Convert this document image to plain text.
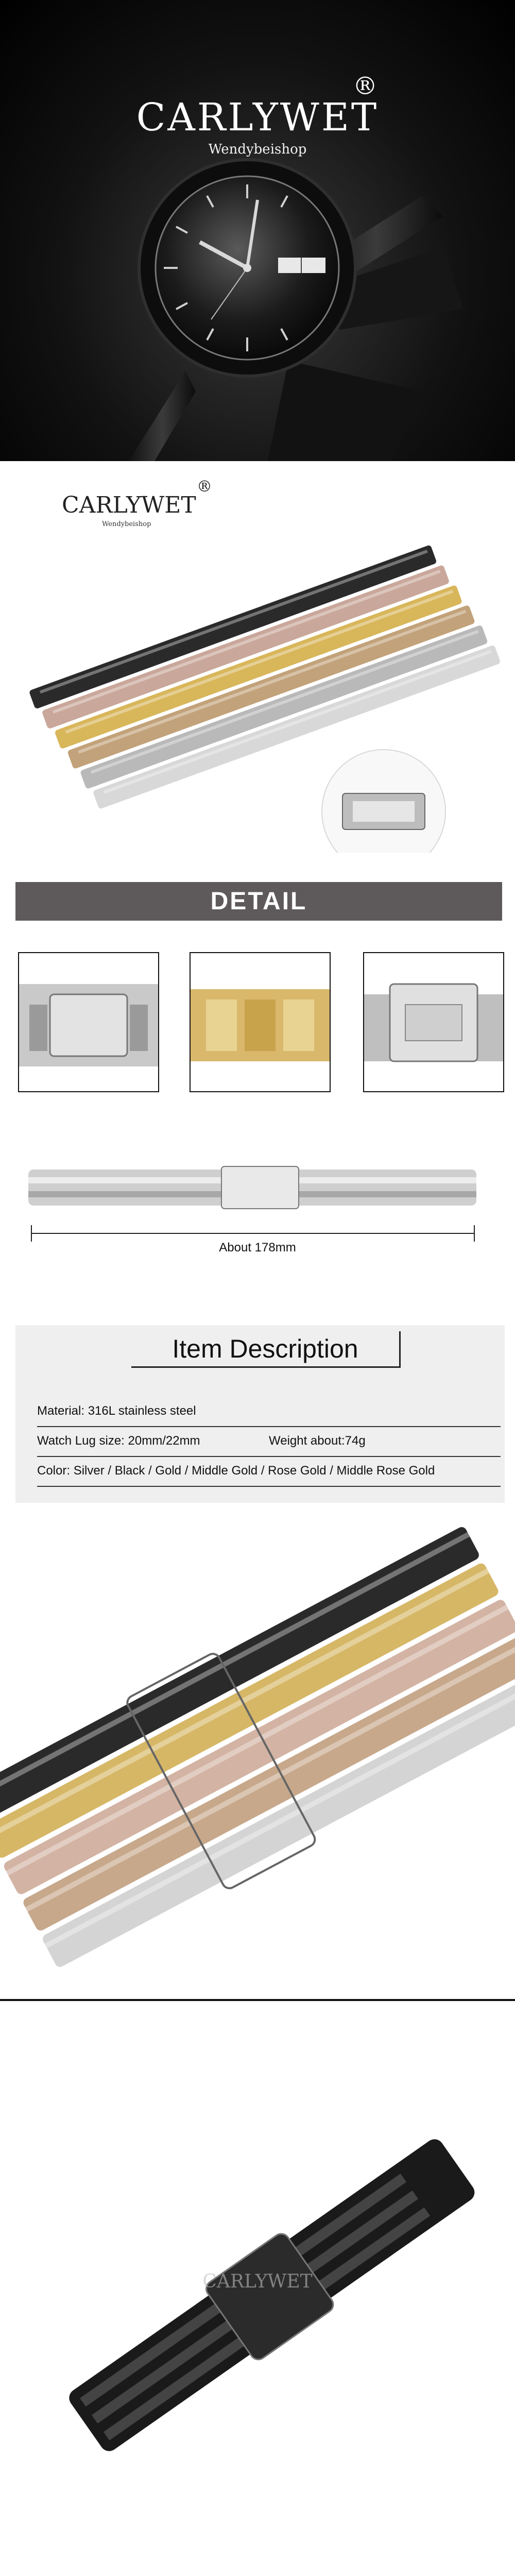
CARLYWET
®
Wendybeishop
CARLYWET
®
Wendybeishop
DETAIL
About 178mm
Item Description
Material: 316L stainless steel
Watch Lug size: 20mm/22mm	Weight about:74g
Color: Silver / Black / Gold / Middle Gold / Rose Gold / Middle Rose Gold
CARLYWET
